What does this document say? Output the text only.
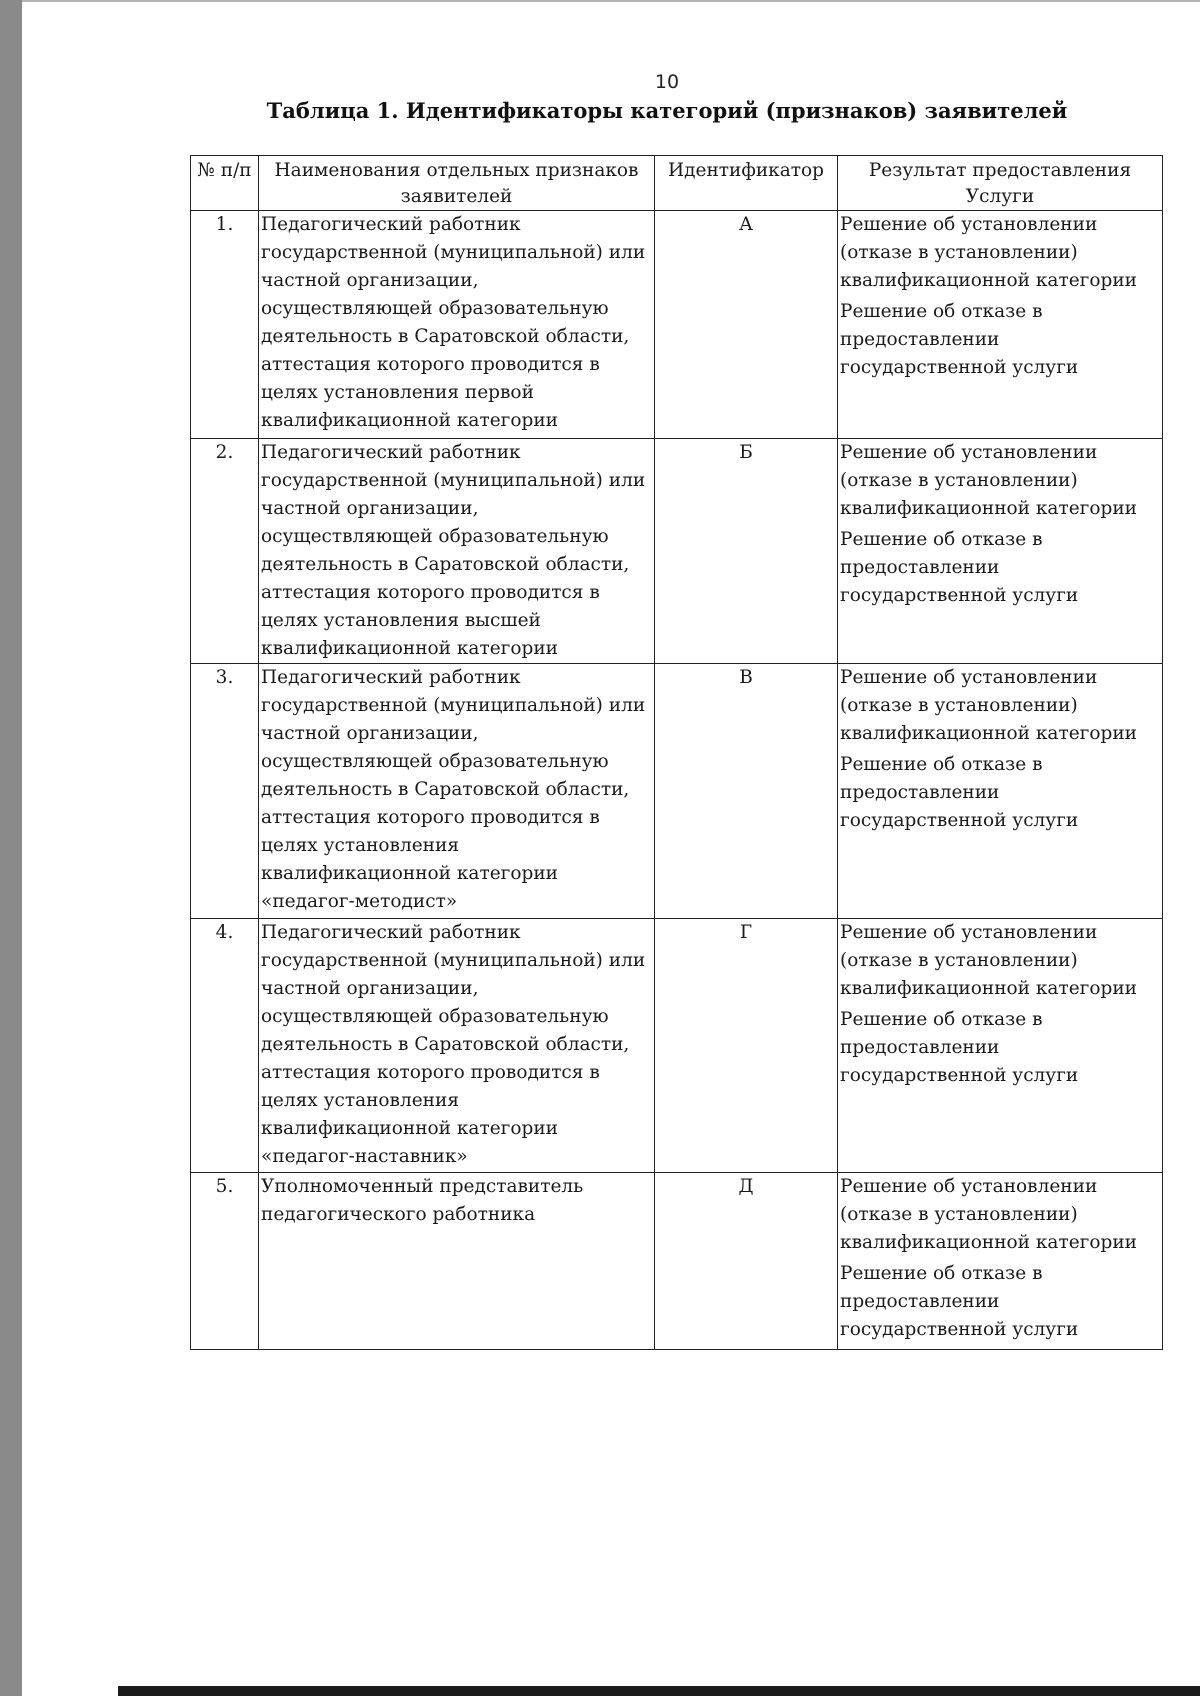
10
Таблица 1. Идентификаторы категорий (признаков) заявителей
№ п/п	Наименования отдельных признаков заявителей	Идентификатор	Результат предоставления Услуги
1.	Педагогический работник государственной (муниципальной) или частной организации, осуществляющей образовательную деятельность в Саратовской области, аттестация которого проводится в целях установления первой квалификационной категории	А	Решение об установлении (отказе в установлении) квалификационной категории
Решение об отказе в предоставлении государственной услуги

2.	Педагогический работник государственной (муниципальной) или частной организации, осуществляющей образовательную деятельность в Саратовской области, аттестация которого проводится в целях установления высшей квалификационной категории	Б	Решение об установлении (отказе в установлении) квалификационной категории
Решение об отказе в предоставлении государственной услуги

3.	Педагогический работник государственной (муниципальной) или частной организации, осуществляющей образовательную деятельность в Саратовской области, аттестация которого проводится в целях установления квалификационной категории «педагог-методист»	В	Решение об установлении (отказе в установлении) квалификационной категории
Решение об отказе в предоставлении государственной услуги

4.	Педагогический работник государственной (муниципальной) или частной организации, осуществляющей образовательную деятельность в Саратовской области, аттестация которого проводится в целях установления квалификационной категории «педагог-наставник»	Г	Решение об установлении (отказе в установлении) квалификационной категории
Решение об отказе в предоставлении государственной услуги

5.	Уполномоченный представитель педагогического работника	Д	Решение об установлении (отказе в установлении) квалификационной категории
Решение об отказе в предоставлении государственной услуги
